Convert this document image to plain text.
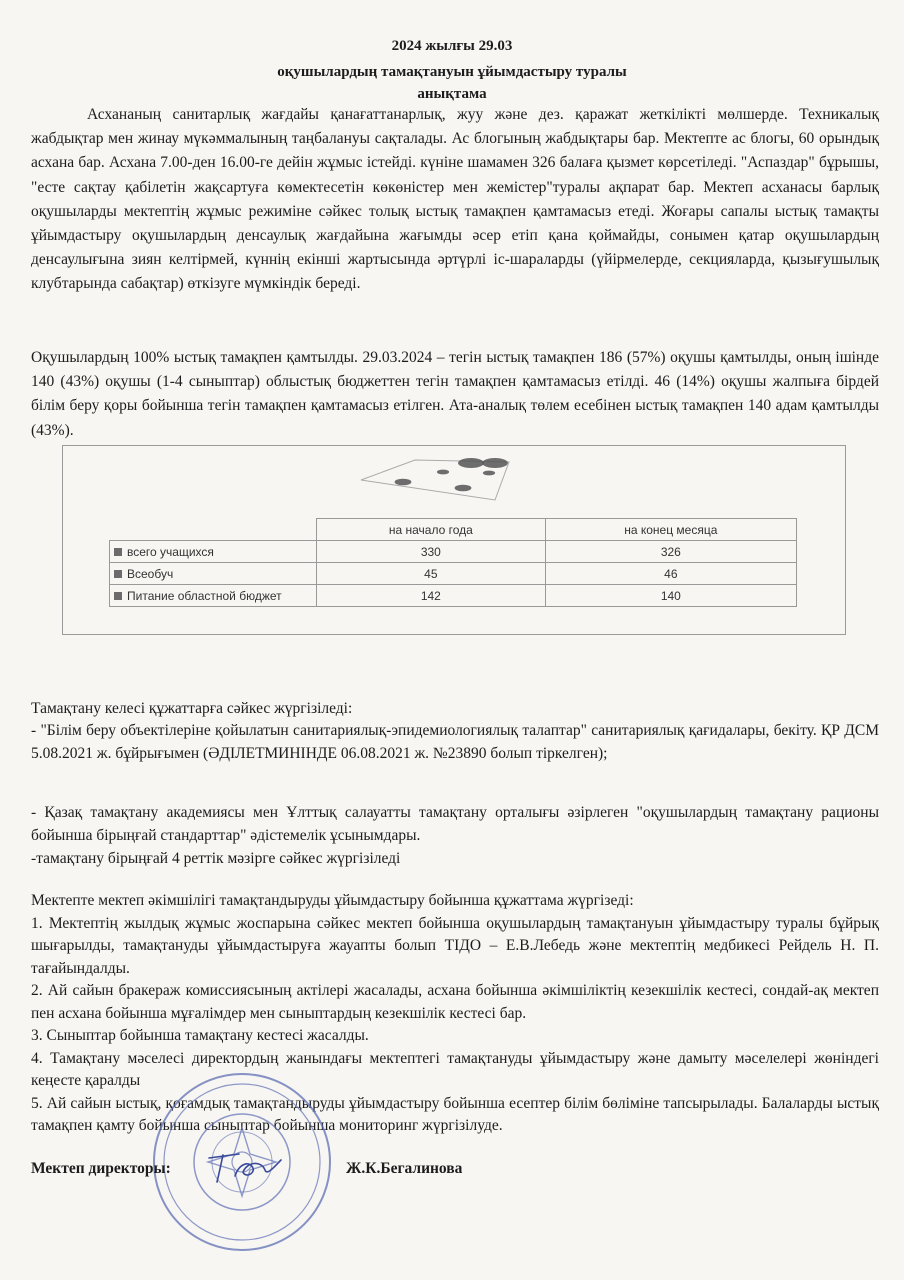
2024 жылғы 29.03
оқушылардың тамақтануын ұйымдастыру туралы
анықтама
Асхананың санитарлық жағдайы қанағаттанарлық, жуу және дез. қаражат жеткілікті мөлшерде. Техникалық жабдықтар мен жинау мүкәммалының таңбалануы сақталады. Ас блогының жабдықтары бар. Мектепте ас блогы, 60 орындық асхана бар. Асхана 7.00-ден 16.00-ге дейін жұмыс істейді. күніне шамамен 326 балаға қызмет көрсетіледі. "Аспаздар" бұрышы, "есте сақтау қабілетін жақсартуға көмектесетін көкөністер мен жемістер"туралы ақпарат бар. Мектеп асханасы барлық оқушыларды мектептің жұмыс режиміне сәйкес толық ыстық тамақпен қамтамасыз етеді. Жоғары сапалы ыстық тамақты ұйымдастыру оқушылардың денсаулық жағдайына жағымды әсер етіп қана қоймайды, сонымен қатар оқушылардың денсаулығына зиян келтірмей, күннің екінші жартысында әртүрлі іс-шараларды (үйірмелерде, секцияларда, қызығушылық клубтарында сабақтар) өткізуге мүмкіндік береді.
Оқушылардың 100% ыстық тамақпен қамтылды. 29.03.2024 – тегін ыстық тамақпен 186 (57%) оқушы қамтылды, оның ішінде 140 (43%) оқушы (1-4 сыныптар) облыстық бюджеттен тегін тамақпен қамтамасыз етілді. 46 (14%) оқушы жалпыға бірдей білім беру қоры бойынша тегін тамақпен қамтамасыз етілген. Ата-аналық төлем есебінен ыстық тамақпен 140 адам қамтылды (43%).
	на начало года	на конец месяца
всего учащихся	330	326
Всеобуч	45	46
Питание областной бюджет	142	140
Тамақтану келесі құжаттарға сәйкес жүргізіледі:
- "Білім беру объектілеріне қойылатын санитариялық-эпидемиологиялық талаптар" санитариялық қағидалары, бекіту. ҚР ДСМ 5.08.2021 ж. бұйрығымен (ӘДІЛЕТМИНІНДЕ 06.08.2021 ж. №23890 болып тіркелген);
- Қазақ тамақтану академиясы мен Ұлттық салауатты тамақтану орталығы әзірлеген "оқушылардың тамақтану рационы бойынша бірыңғай стандарттар" әдістемелік ұсынымдары.
-тамақтану бірыңғай 4 реттік мәзірге сәйкес жүргізіледі
Мектепте мектеп әкімшілігі тамақтандыруды ұйымдастыру бойынша құжаттама жүргізеді:
1. Мектептің жылдық жұмыс жоспарына сәйкес мектеп бойынша оқушылардың тамақтануын ұйымдастыру туралы бұйрық шығарылды, тамақтануды ұйымдастыруға жауапты болып ТІДО – Е.В.Лебедь және мектептің медбикесі Рейдель Н. П. тағайындалды.
2. Ай сайын бракераж комиссиясының актілері жасалады, асхана бойынша әкімшіліктің кезекшілік кестесі, сондай-ақ мектеп пен асхана бойынша мұғалімдер мен сыныптардың кезекшілік кестесі бар.
3. Сыныптар бойынша тамақтану кестесі жасалды.
4. Тамақтану мәселесі директордың жанындағы мектептегі тамақтануды ұйымдастыру және дамыту мәселелері жөніндегі кеңесте қаралды
5. Ай сайын ыстық, қоғамдық тамақтандыруды ұйымдастыру бойынша есептер білім бөліміне тапсырылады. Балаларды ыстық тамақпен қамту бойынша сыныптар бойынша мониторинг жүргізілуде.
Мектеп директоры:	Ж.К.Бегалинова
